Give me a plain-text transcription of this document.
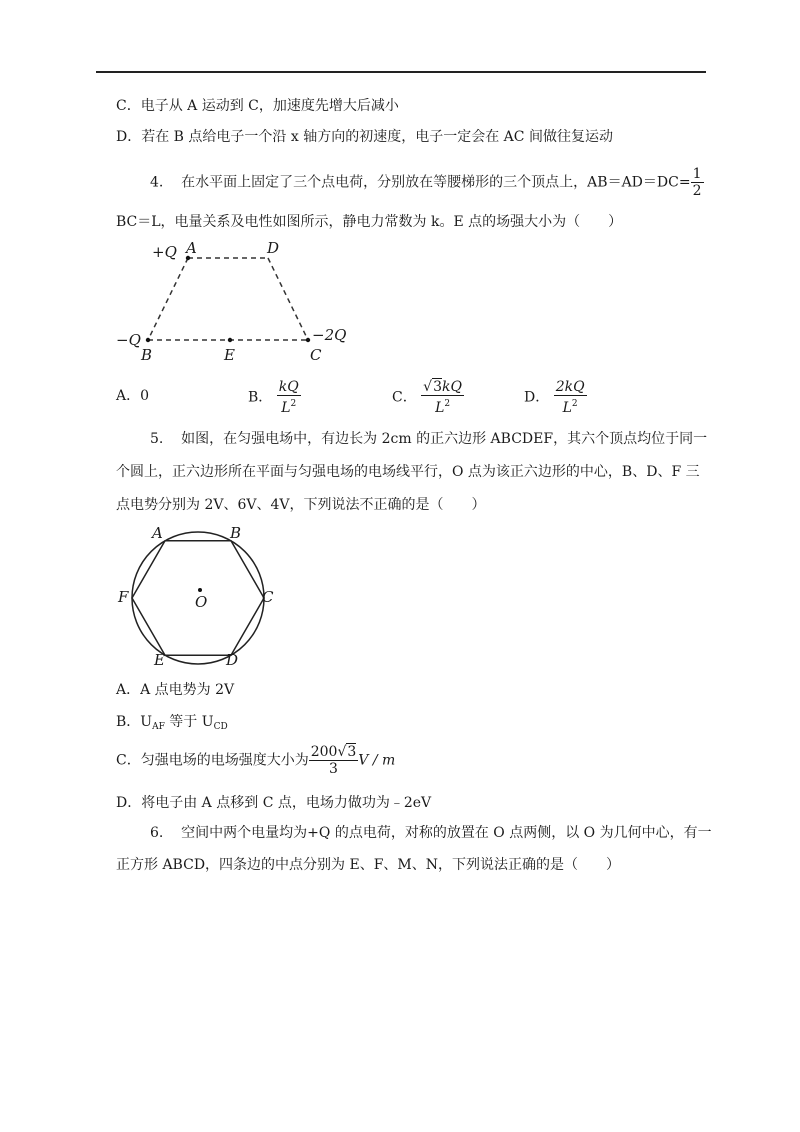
C．电子从 A 运动到 C，加速度先增大后减小
D．若在 B 点给电子一个沿 x 轴方向的初速度，电子一定会在 AC 间做往复运动
4. 在水平面上固定了三个点电荷，分别放在等腰梯形的三个顶点上，$AB=AD=DC= \frac{1}{2}$
BC＝L，电量关系及电性如图所示，静电力常数为 k。E 点的场强大小为（　　）
+Q A	D
−Q
B	E	C
−2Q
A．0	B． $\frac{kQ}{L^2}$	C． $\frac{√3kQ}{L^2}$	D． $\frac{2kQ}{L^2}$
5. 如图，在匀强电场中，有边长为 2cm 的正六边形 ABCDEF，其六个顶点均位于同一
个圆上，正六边形所在平面与匀强电场的电场线平行，O 点为该正六边形的中心，B、D、F 三
点电势分别为 2V、6V、4V，下列说法不正确的是（　　）
A	B
C
D
E
F	O
A．A 点电势为 2V
B．$U_{AF}$ 等于 $U_{CD}$
C．匀强电场的电场强度大小为 $\frac{200√3}{3}$ V / m
D．将电子由 A 点移到 C 点，电场力做功为﹣2eV
6. 空间中两个电量均为+Q 的点电荷，对称的放置在 O 点两侧，以 O 为几何中心，有一
正方形 ABCD，四条边的中点分别为 E、F、M、N，下列说法正确的是（　　）
